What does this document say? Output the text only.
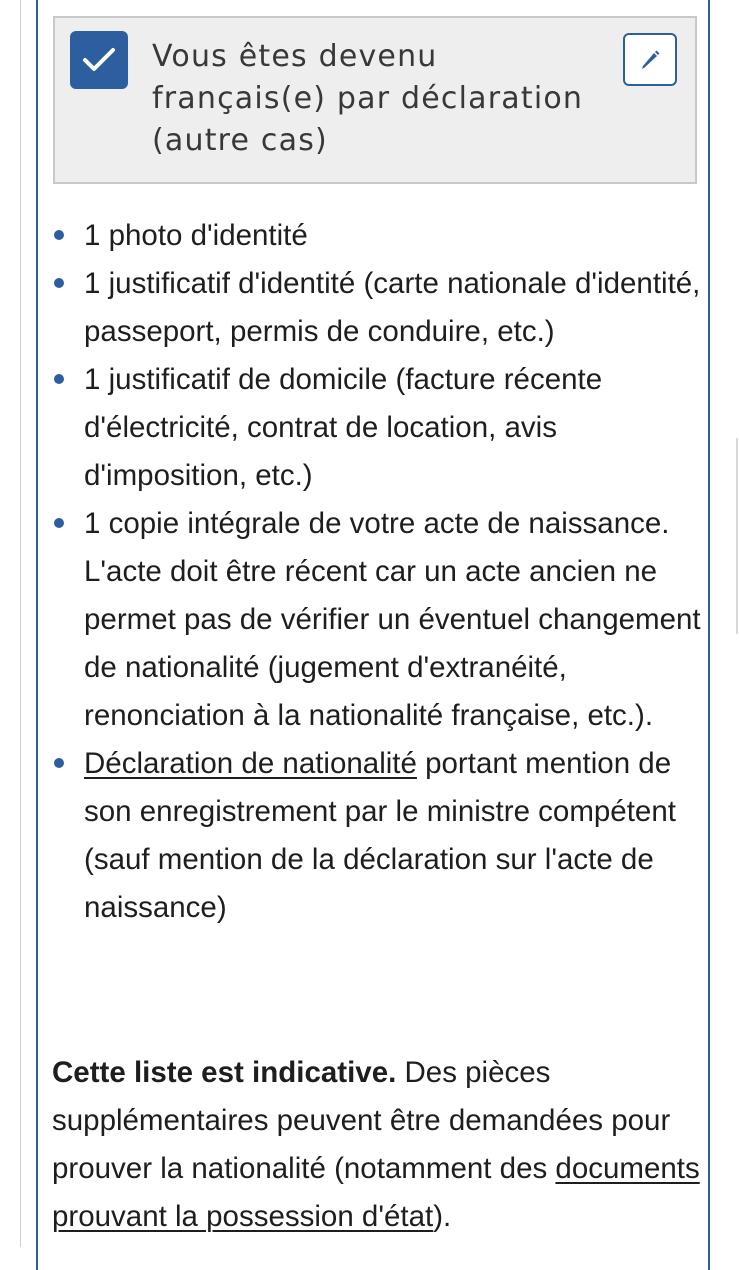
Vous êtes devenu français(e) par déclaration (autre cas)
1 photo d'identité
1 justificatif d'identité (carte nationale d'identité, passeport, permis de conduire, etc.)
1 justificatif de domicile (facture récente d'électricité, contrat de location, avis d'imposition, etc.)
1 copie intégrale de votre acte de naissance. L'acte doit être récent car un acte ancien ne permet pas de vérifier un éventuel changement de nationalité (jugement d'extranéité, renonciation à la nationalité française, etc.).
Déclaration de nationalité portant mention de son enregistrement par le ministre compétent (sauf mention de la déclaration sur l'acte de naissance)
Cette liste est indicative. Des pièces supplémentaires peuvent être demandées pour prouver la nationalité (notamment des documents prouvant la possession d'état).
